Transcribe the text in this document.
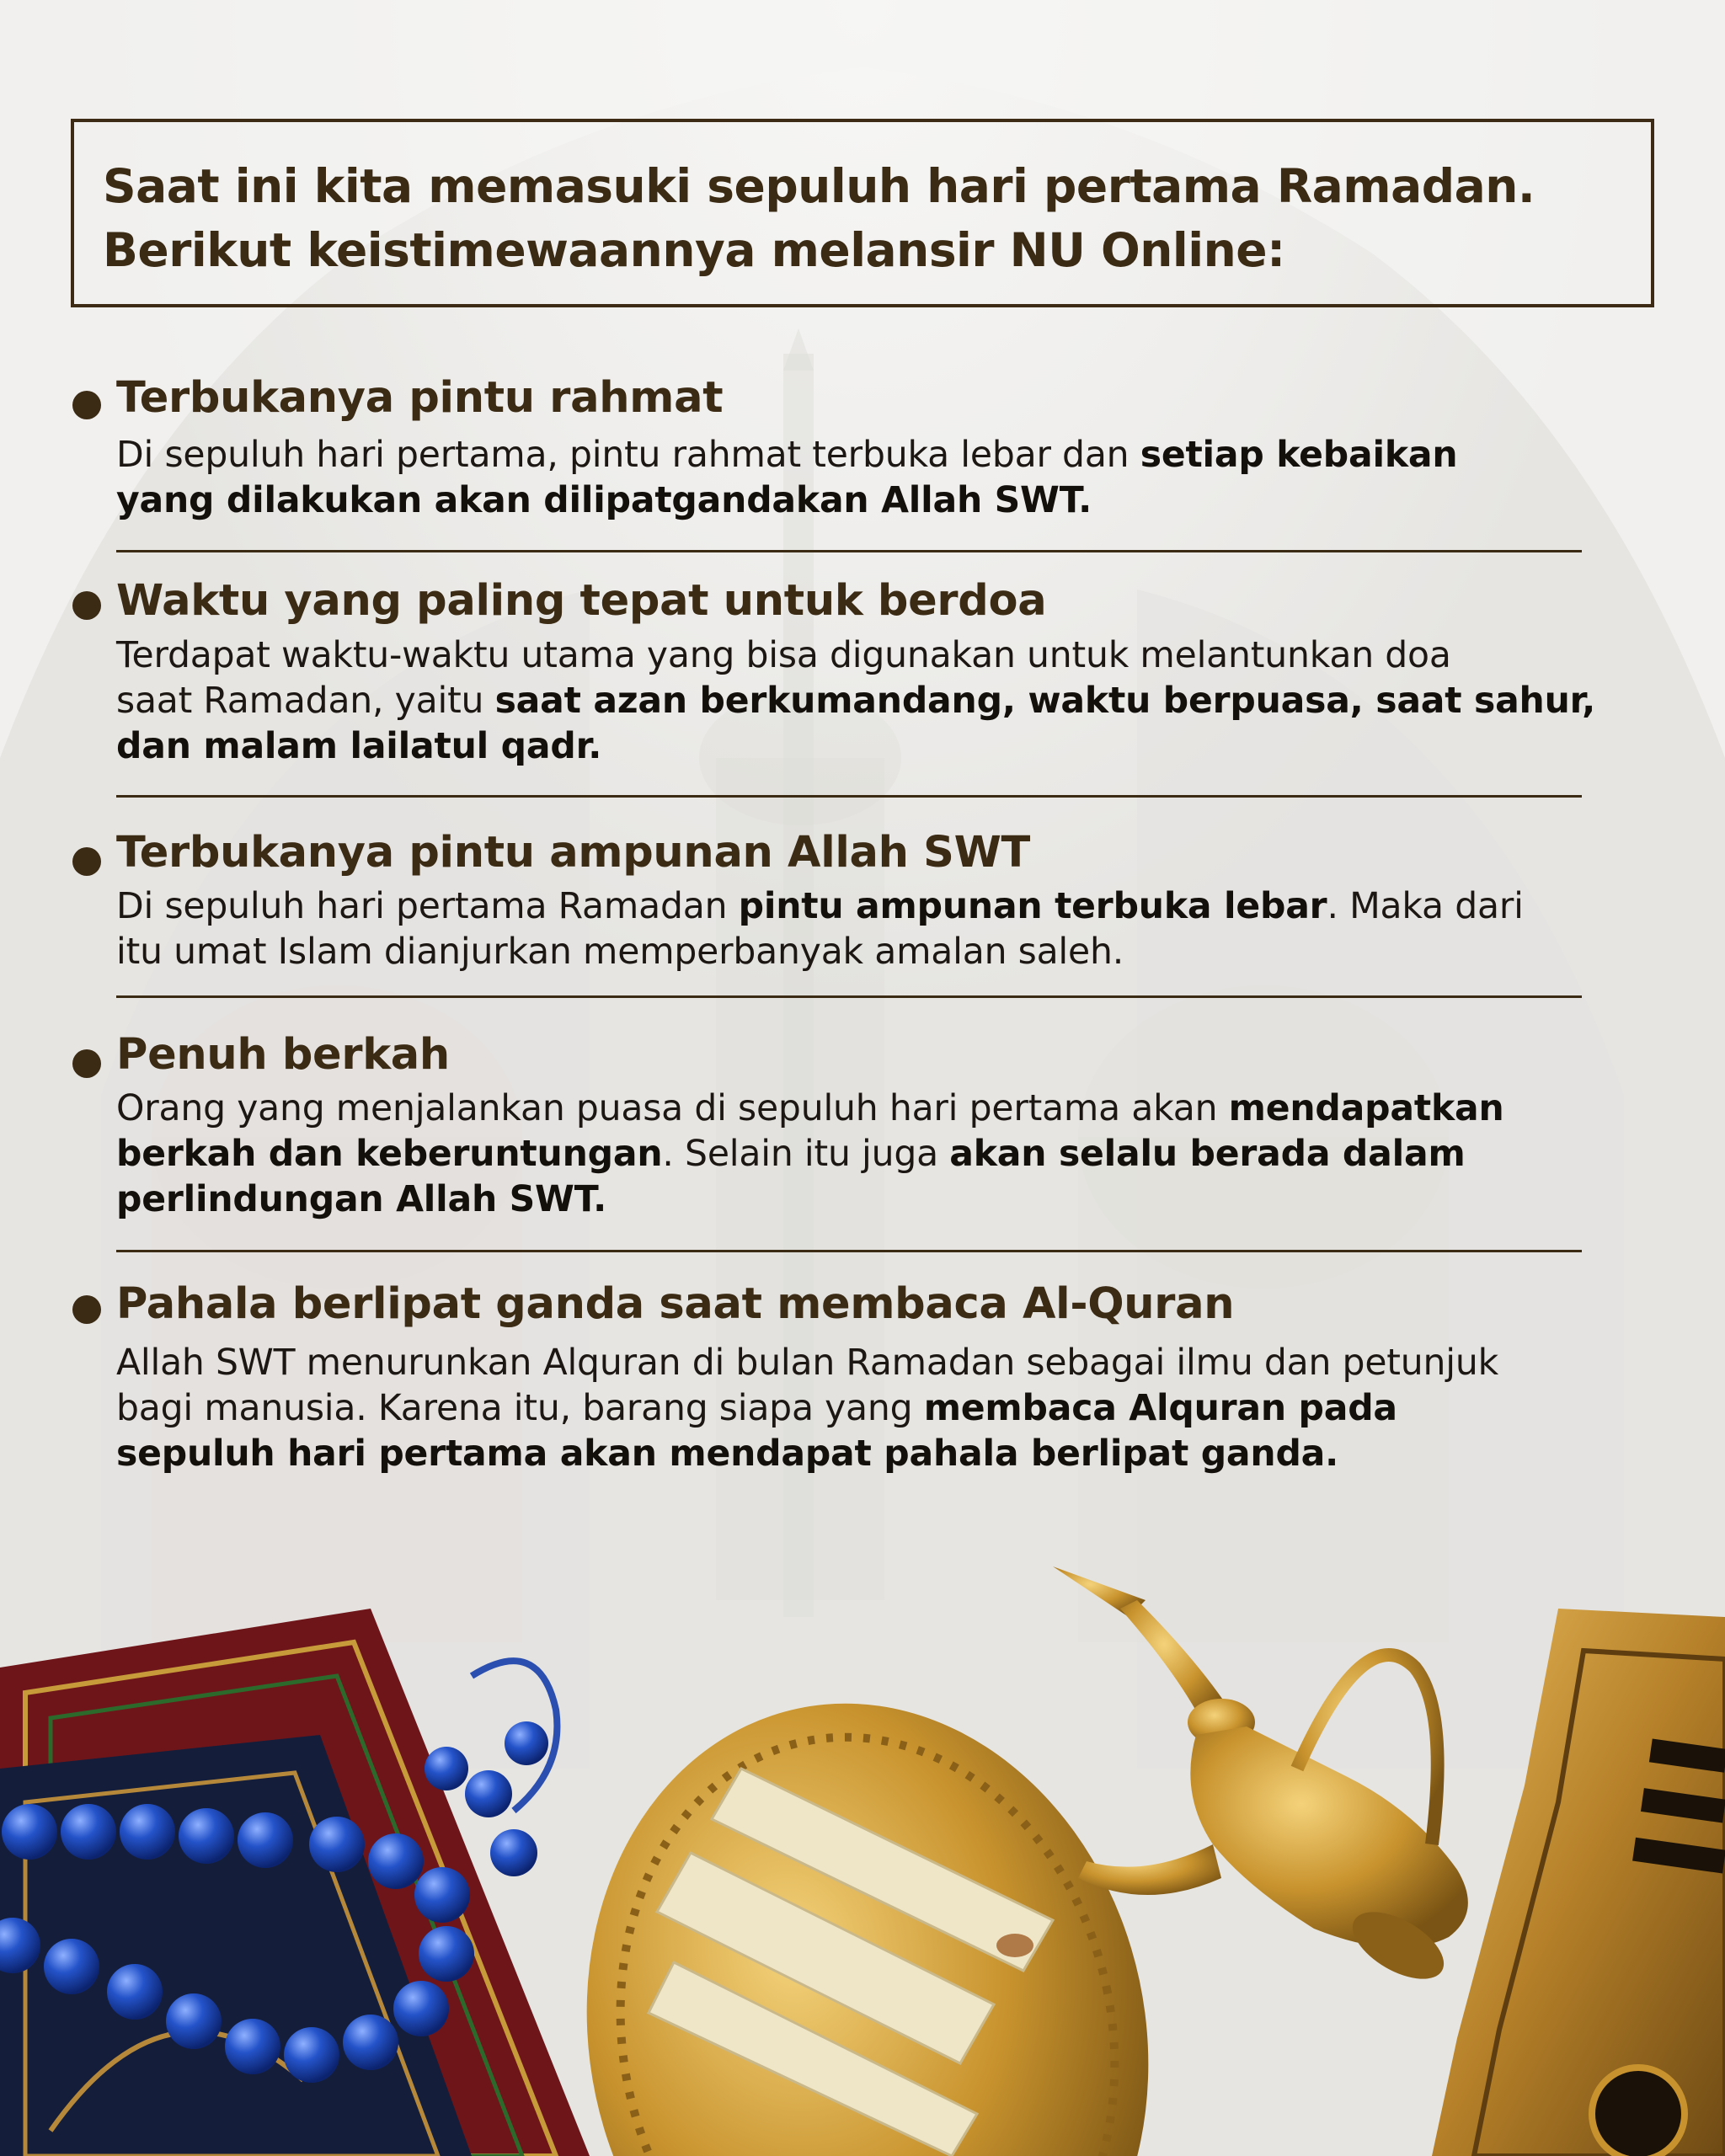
Saat ini kita memasuki sepuluh hari pertama Ramadan.
Berikut keistimewaannya melansir NU Online:
Terbukanya pintu rahmat
Di sepuluh hari pertama, pintu rahmat terbuka lebar dan setiap kebaikan
yang dilakukan akan dilipatgandakan Allah SWT.
Waktu yang paling tepat untuk berdoa
Terdapat waktu-waktu utama yang bisa digunakan untuk melantunkan doa
saat Ramadan, yaitu saat azan berkumandang, waktu berpuasa, saat sahur,
dan malam lailatul qadr.
Terbukanya pintu ampunan Allah SWT
Di sepuluh hari pertama Ramadan pintu ampunan terbuka lebar. Maka dari
itu umat Islam dianjurkan memperbanyak amalan saleh.
Penuh berkah
Orang yang menjalankan puasa di sepuluh hari pertama akan mendapatkan
berkah dan keberuntungan. Selain itu juga akan selalu berada dalam
perlindungan Allah SWT.
Pahala berlipat ganda saat membaca Al-Quran
Allah SWT menurunkan Alquran di bulan Ramadan sebagai ilmu dan petunjuk
bagi manusia. Karena itu, barang siapa yang membaca Alquran pada
sepuluh hari pertama akan mendapat pahala berlipat ganda.
